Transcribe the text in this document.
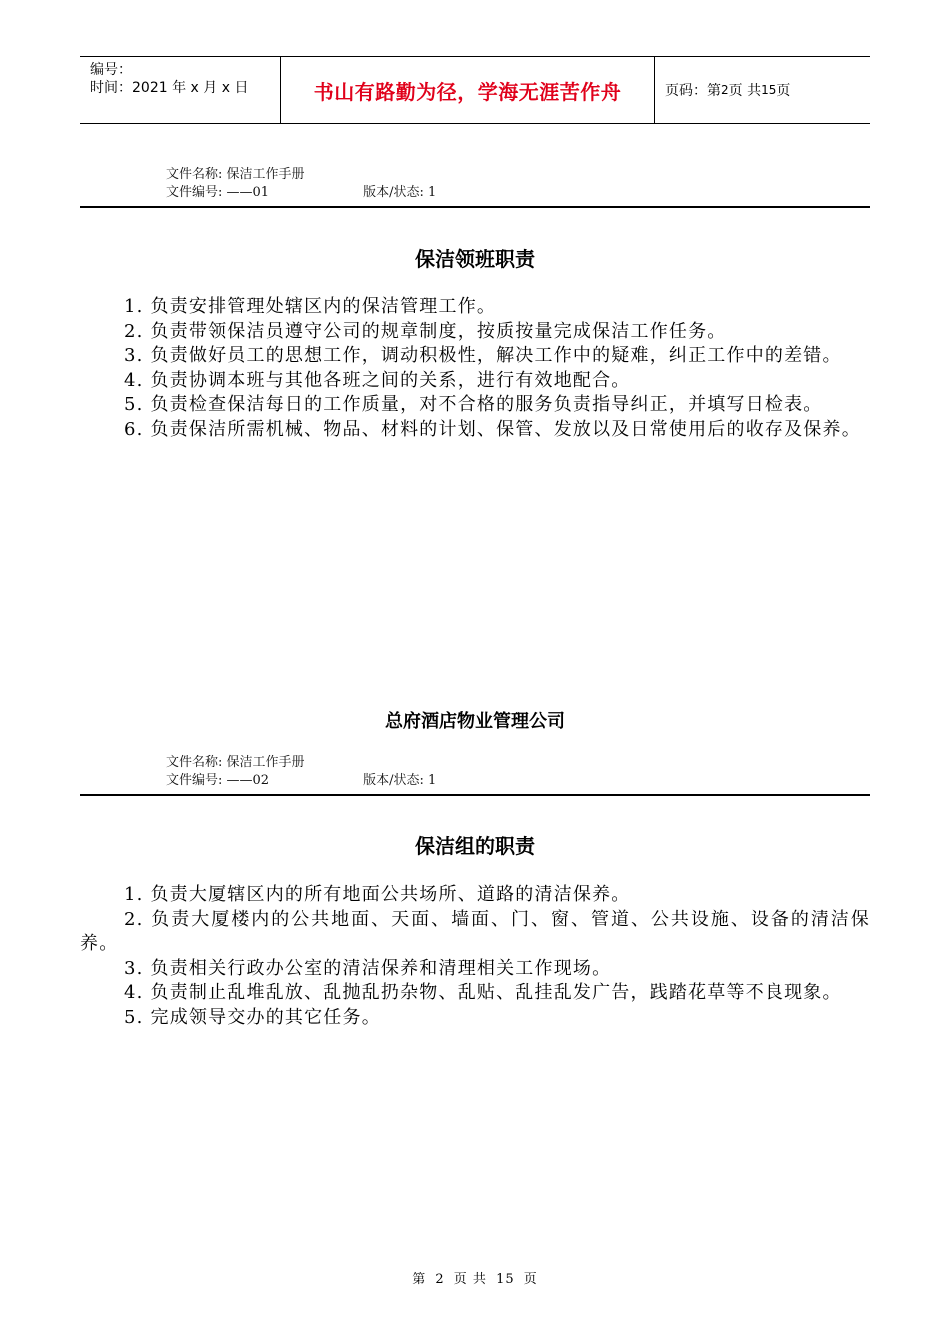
编号：
时间：2021 年 x 月 x 日	书山有路勤为径，学海无涯苦作舟	页码：第 2 页 共 15 页
文件名称: 保洁工作手册
文件编号: ——01	版本/状态: 1
保洁领班职责

1. 负责安排管理处辖区内的保洁管理工作。

2. 负责带领保洁员遵守公司的规章制度，按质按量完成保洁工作任务。

3. 负责做好员工的思想工作，调动积极性，解决工作中的疑难，纠正工作中的差错。

4. 负责协调本班与其他各班之间的关系，进行有效地配合。

5. 负责检查保洁每日的工作质量，对不合格的服务负责指导纠正，并填写日检表。

6. 负责保洁所需机械、物品、材料的计划、保管、发放以及日常使用后的收存及保养。

总府酒店物业管理公司
文件名称: 保洁工作手册
文件编号: ——02	版本/状态: 1
保洁组的职责

1. 负责大厦辖区内的所有地面公共场所、道路的清洁保养。

2. 负责大厦楼内的公共地面、天面、墙面、门、窗、管道、公共设施、设备的清洁保养。

3. 负责相关行政办公室的清洁保养和清理相关工作现场。

4. 负责制止乱堆乱放、乱抛乱扔杂物、乱贴、乱挂乱发广告，践踏花草等不良现象。

5. 完成领导交办的其它任务。

第 2 页 共 15 页
